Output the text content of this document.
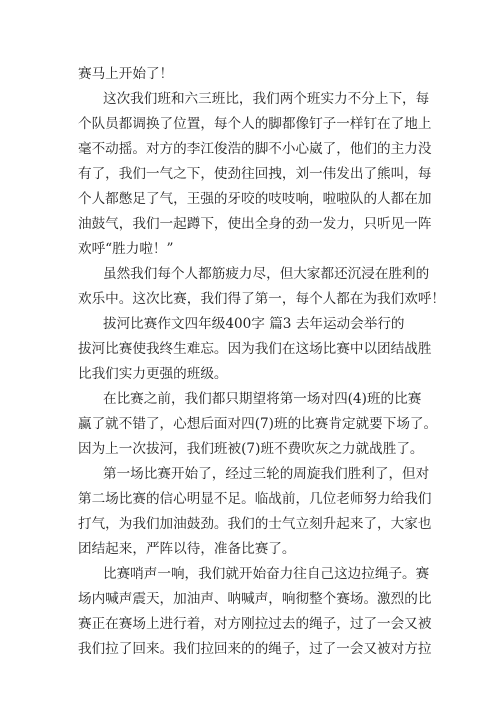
赛马上开始了！
这次我们班和六三班比，我们两个班实力不分上下，每
个队员都调换了位置，每个人的脚都像钉子一样钉在了地上
毫不动摇。对方的李江俊浩的脚不小心崴了，他们的主力没
有了，我们一气之下，使劲往回拽，刘一伟发出了熊叫，每
个人都憋足了气，王强的牙咬的吱吱响，啦啦队的人都在加
油鼓气，我们一起蹲下，使出全身的劲一发力，只听见一阵
欢呼“胜力啦！”
虽然我们每个人都筋疲力尽，但大家都还沉浸在胜利的
欢乐中。这次比赛，我们得了第一，每个人都在为我们欢呼！
拔河比赛作文四年级400字 篇3 去年运动会举行的
拔河比赛使我终生难忘。因为我们在这场比赛中以团结战胜
比我们实力更强的班级。
在比赛之前，我们都只期望将第一场对四(4)班的比赛
赢了就不错了，心想后面对四(7)班的比赛肯定就要下场了。
因为上一次拔河，我们班被(7)班不费吹灰之力就战胜了。
第一场比赛开始了，经过三轮的周旋我们胜利了，但对
第二场比赛的信心明显不足。临战前，几位老师努力给我们
打气，为我们加油鼓劲。我们的士气立刻升起来了，大家也
团结起来，严阵以待，准备比赛了。
比赛哨声一响，我们就开始奋力往自己这边拉绳子。赛
场内喊声震天，加油声、呐喊声，响彻整个赛场。激烈的比
赛正在赛场上进行着，对方刚拉过去的绳子，过了一会又被
我们拉了回来。我们拉回来的的绳子，过了一会又被对方拉
